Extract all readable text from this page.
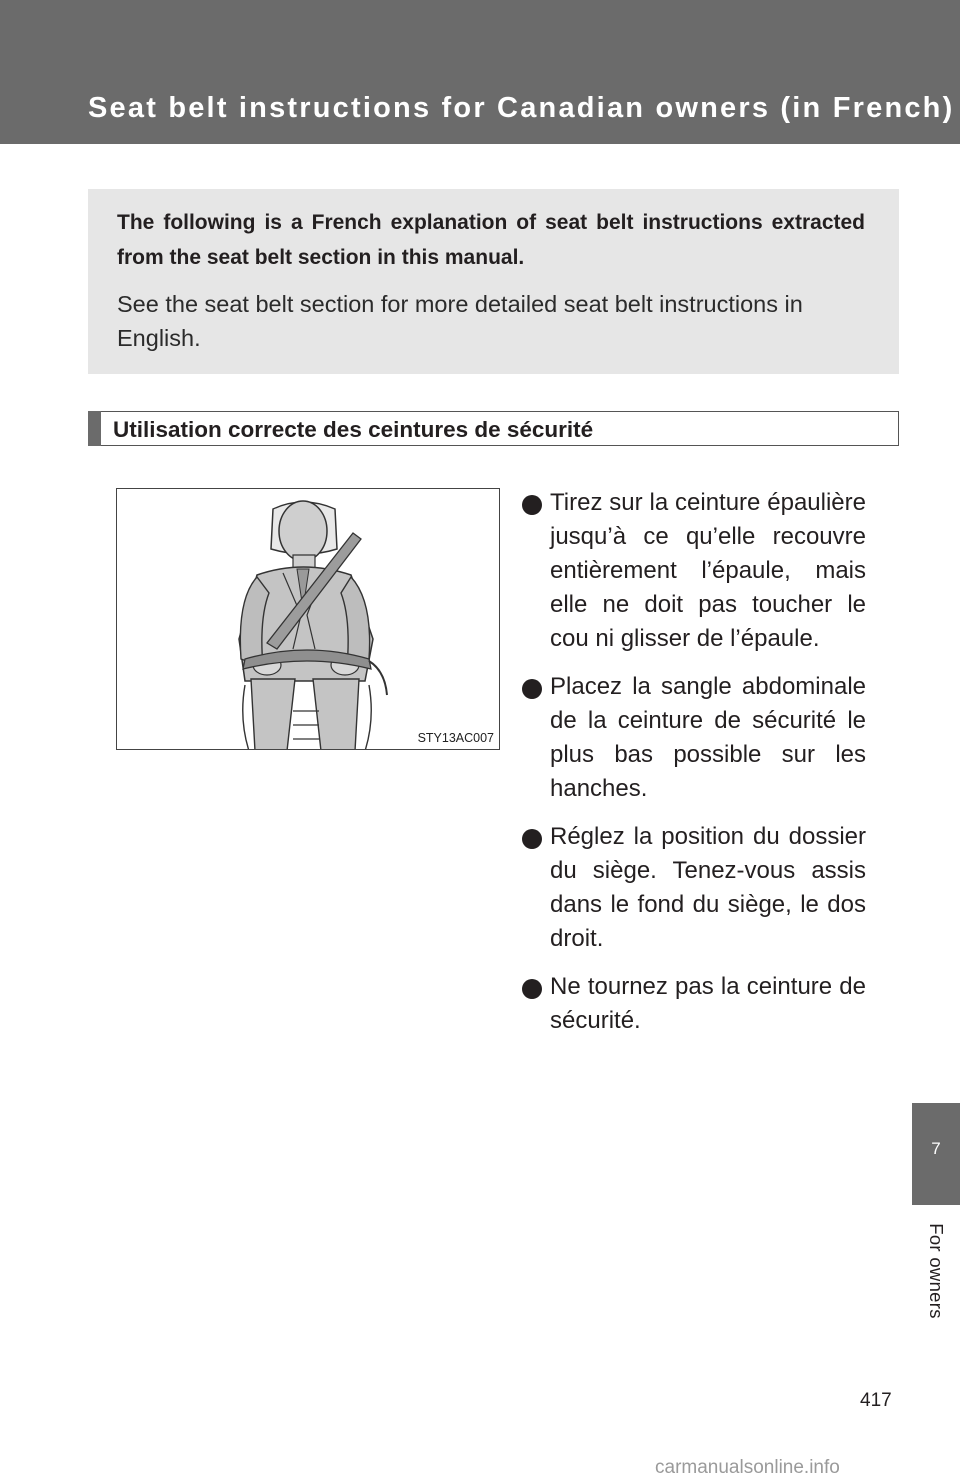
Seat belt instructions for Canadian owners (in French)

The following is a French explanation of seat belt instructions extracted from the seat belt section in this manual.

See the seat belt section for more detailed seat belt instructions in English.

Utilisation correcte des ceintures de sécurité
STY13AC007
Tirez sur la ceinture épaulière jusqu’à ce qu’elle recouvre entièrement l’épaule, mais elle ne doit pas toucher le cou ni glisser de l’épaule.
Placez la sangle abdominale de la ceinture de sécurité le plus bas possible sur les hanches.
Réglez la position du dossier du siège. Tenez-vous assis dans le fond du siège, le dos droit.
Ne tournez pas la ceinture de sécurité.
7
For owners
417
carmanualsonline.info
